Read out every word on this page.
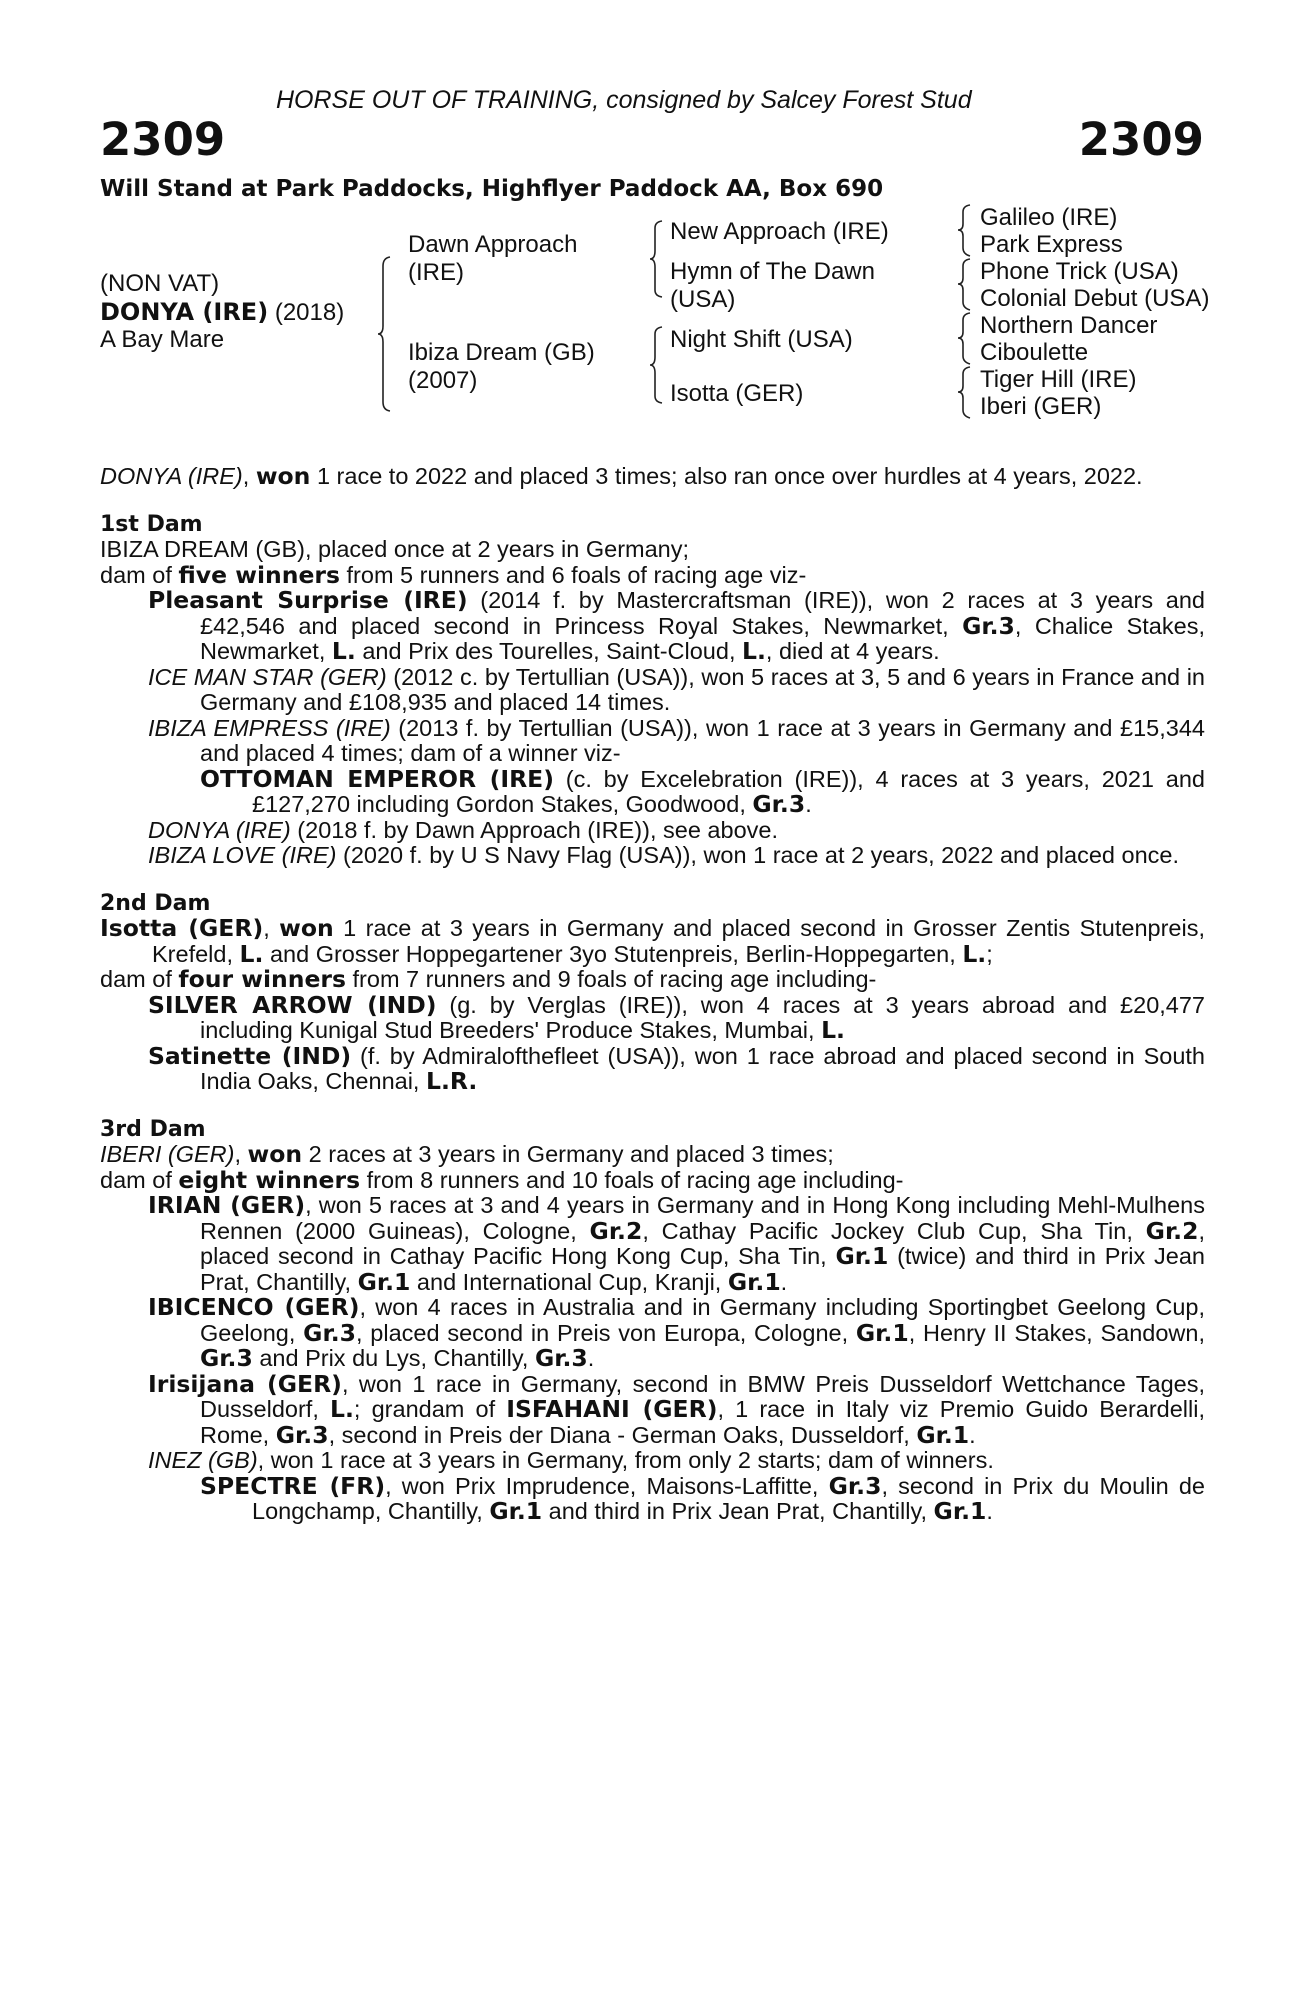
HORSE OUT OF TRAINING, consigned by Salcey Forest Stud
2309	2309
Will Stand at Park Paddocks, Highflyer Paddock AA, Box 690
(NON VAT)
DONYA (IRE) (2018)
A Bay Mare
Dawn Approach (IRE)
Ibiza Dream (GB) (2007)
New Approach (IRE)
Hymn of The Dawn (USA)
Night Shift (USA)
Isotta (GER)
Galileo (IRE)
Park Express
Phone Trick (USA)
Colonial Debut (USA)
Northern Dancer
Ciboulette
Tiger Hill (IRE)
Iberi (GER)

DONYA (IRE), won 1 race to 2022 and placed 3 times; also ran once over hurdles at 4 years, 2022.

1st Dam

IBIZA DREAM (GB), placed once at 2 years in Germany;

dam of five winners from 5 runners and 6 foals of racing age viz-

Pleasant Surprise (IRE) (2014 f. by Mastercraftsman (IRE)), won 2 races at 3 years and £42,546 and placed second in Princess Royal Stakes, Newmarket, Gr.3, Chalice Stakes, Newmarket, L. and Prix des Tourelles, Saint-Cloud, L., died at 4 years.

ICE MAN STAR (GER) (2012 c. by Tertullian (USA)), won 5 races at 3, 5 and 6 years in France and in Germany and £108,935 and placed 14 times.

IBIZA EMPRESS (IRE) (2013 f. by Tertullian (USA)), won 1 race at 3 years in Germany and £15,344 and placed 4 times; dam of a winner viz-

OTTOMAN EMPEROR (IRE) (c. by Excelebration (IRE)), 4 races at 3 years, 2021 and £127,270 including Gordon Stakes, Goodwood, Gr.3.

DONYA (IRE) (2018 f. by Dawn Approach (IRE)), see above.

IBIZA LOVE (IRE) (2020 f. by U S Navy Flag (USA)), won 1 race at 2 years, 2022 and placed once.

2nd Dam

Isotta (GER), won 1 race at 3 years in Germany and placed second in Grosser Zentis Stutenpreis, Krefeld, L. and Grosser Hoppegartener 3yo Stutenpreis, Berlin-Hoppegarten, L.;

dam of four winners from 7 runners and 9 foals of racing age including-

SILVER ARROW (IND) (g. by Verglas (IRE)), won 4 races at 3 years abroad and £20,477 including Kunigal Stud Breeders' Produce Stakes, Mumbai, L.

Satinette (IND) (f. by Admiralofthefleet (USA)), won 1 race abroad and placed second in South India Oaks, Chennai, L.R.

3rd Dam

IBERI (GER), won 2 races at 3 years in Germany and placed 3 times;

dam of eight winners from 8 runners and 10 foals of racing age including-

IRIAN (GER), won 5 races at 3 and 4 years in Germany and in Hong Kong including Mehl-Mulhens Rennen (2000 Guineas), Cologne, Gr.2, Cathay Pacific Jockey Club Cup, Sha Tin, Gr.2, placed second in Cathay Pacific Hong Kong Cup, Sha Tin, Gr.1 (twice) and third in Prix Jean Prat, Chantilly, Gr.1 and International Cup, Kranji, Gr.1.

IBICENCO (GER), won 4 races in Australia and in Germany including Sportingbet Geelong Cup, Geelong, Gr.3, placed second in Preis von Europa, Cologne, Gr.1, Henry II Stakes, Sandown, Gr.3 and Prix du Lys, Chantilly, Gr.3.

Irisijana (GER), won 1 race in Germany, second in BMW Preis Dusseldorf Wettchance Tages, Dusseldorf, L.; grandam of ISFAHANI (GER), 1 race in Italy viz Premio Guido Berardelli, Rome, Gr.3, second in Preis der Diana - German Oaks, Dusseldorf, Gr.1.

INEZ (GB), won 1 race at 3 years in Germany, from only 2 starts; dam of winners.

SPECTRE (FR), won Prix Imprudence, Maisons-Laffitte, Gr.3, second in Prix du Moulin de Longchamp, Chantilly, Gr.1 and third in Prix Jean Prat, Chantilly, Gr.1.
